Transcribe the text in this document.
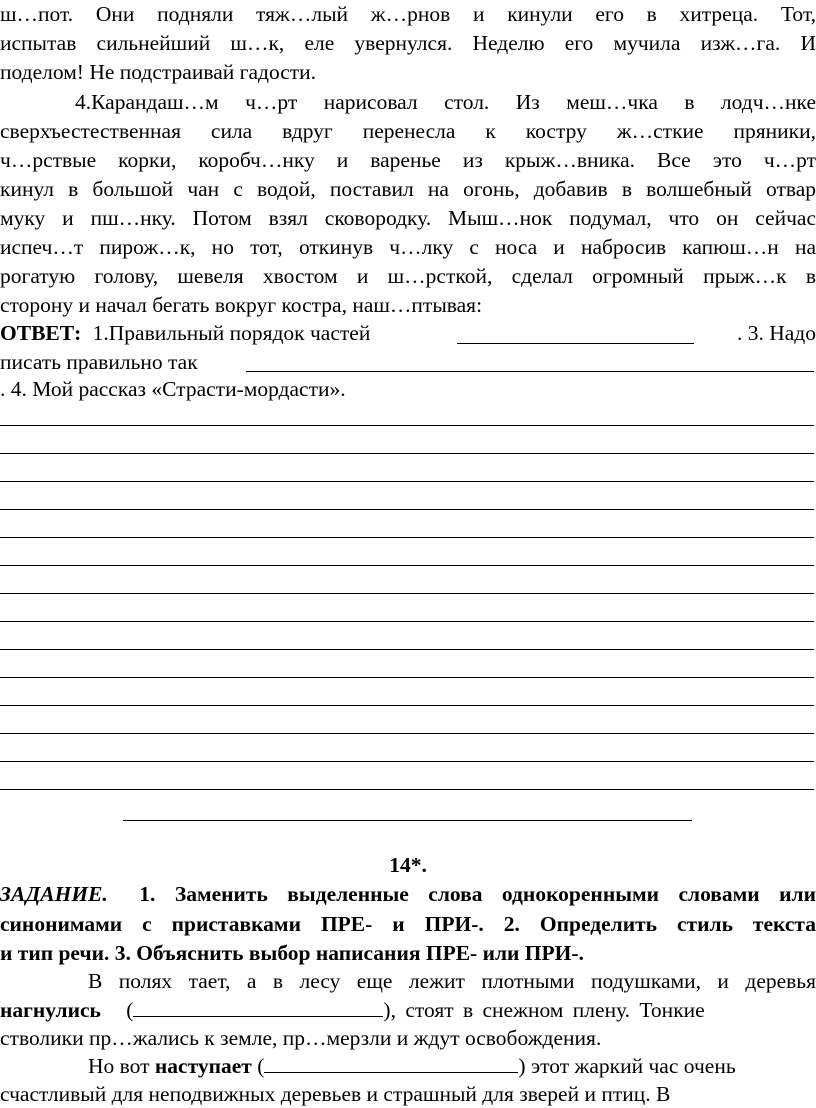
ш…пот. Они подняли тяж…лый ж…рнов и кинули его в хитреца. Тот,
испытав сильнейший ш…к, еле увернулся. Неделю его мучила изж…га. И
поделом! Не подстраивай гадости.
4.Карандаш…м ч…рт нарисовал стол. Из меш…чка в лодч…нке
сверхъестественная сила вдруг перенесла к костру ж…сткие пряники,
ч…рствые корки, коробч…нку и варенье из крыж…вника. Все это ч…рт
кинул в большой чан с водой, поставил на огонь, добавив в волшебный отвар
муку и пш…нку. Потом взял сковородку. Мыш…нок подумал, что он сейчас
испеч…т пирож…к, но тот, откинув ч…лку с носа и набросив капюш…н на
рогатую голову, шевеля хвостом и ш…рсткой, сделал огромный прыж…к в
сторону и начал бегать вокруг костра, наш…птывая:
ОТВЕТ: 1.Правильный порядок частей	. 3. Надо
писать правильно так
. 4. Мой рассказ «Страсти-мордасти».
14*.
ЗАДАНИЕ. 1. Заменить выделенные слова однокоренными словами или
синонимами с приставками ПРЕ- и ПРИ-. 2. Определить стиль текста
и тип речи. 3. Объяснить выбор написания ПРЕ- или ПРИ-.
В полях тает, а в лесу еще лежит плотными подушками, и деревья
нагнулись (	), стоят в снежном плену. Тонкие
стволики пр…жались к земле, пр…мерзли и ждут освобождения.
Но вот наступает (	) этот жаркий час очень
счастливый для неподвижных деревьев и страшный для зверей и птиц. В
